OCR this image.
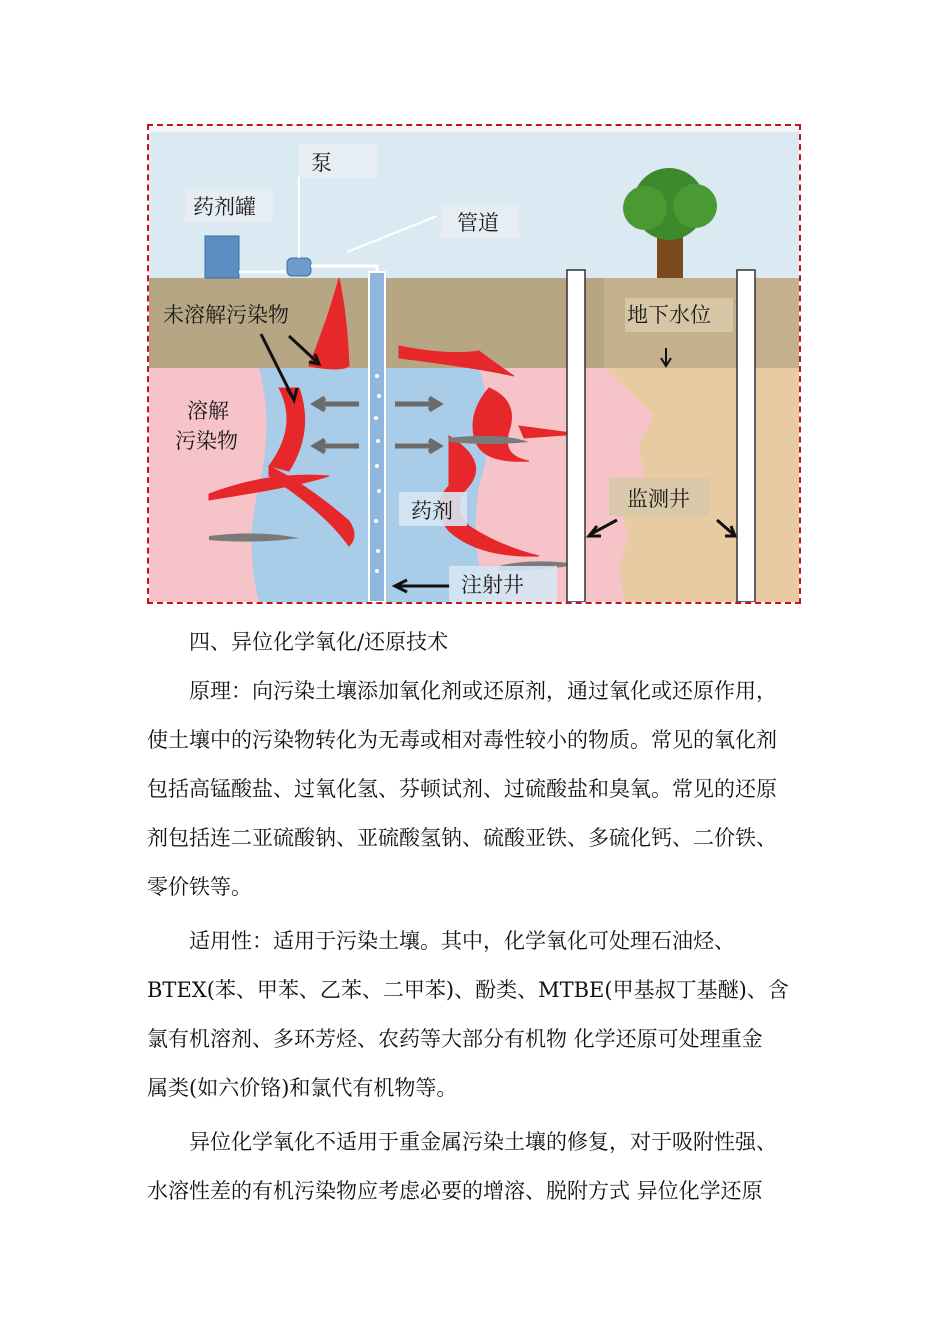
泵
药剂罐
管道
未溶解污染物
溶解
污染物
地下水位
药剂	监测井
注射井

四、异位化学氧化/还原技术

原理：向污染土壤添加氧化剂或还原剂，通过氧化或还原作用，

使土壤中的污染物转化为无毒或相对毒性较小的物质。常见的氧化剂

包括高锰酸盐、过氧化氢、芬顿试剂、过硫酸盐和臭氧。常见的还原

剂包括连二亚硫酸钠、亚硫酸氢钠、硫酸亚铁、多硫化钙、二价铁、

零价铁等。

适用性：适用于污染土壤。其中，化学氧化可处理石油烃、

BTEX(苯、甲苯、乙苯、二甲苯)、酚类、MTBE(甲基叔丁基醚)、含

氯有机溶剂、多环芳烃、农药等大部分有机物 化学还原可处理重金

属类(如六价铬)和氯代有机物等。

异位化学氧化不适用于重金属污染土壤的修复，对于吸附性强、

水溶性差的有机污染物应考虑必要的增溶、脱附方式 异位化学还原
